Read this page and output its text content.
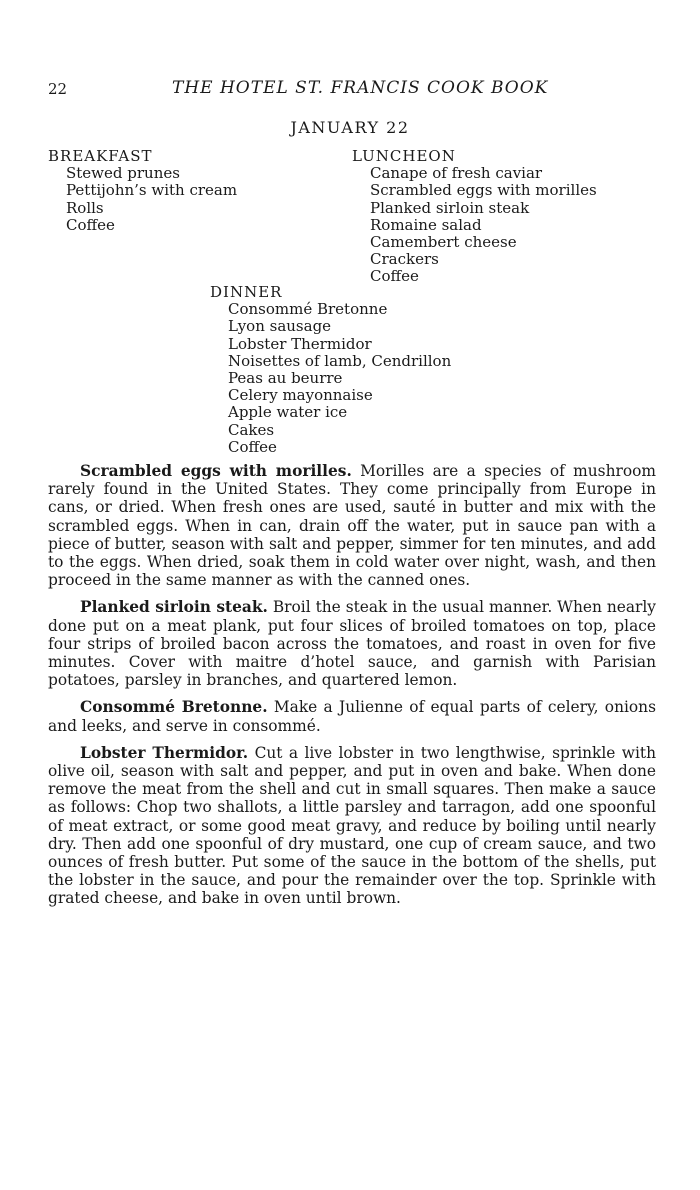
22	THE HOTEL ST. FRANCIS COOK BOOK
JANUARY 22
BREAKFAST
Stewed prunes
Pettijohn’s with cream
Rolls
Coffee
LUNCHEON
Canape of fresh caviar
Scrambled eggs with morilles
Planked sirloin steak
Romaine salad
Camembert cheese
Crackers
Coffee
DINNER
Consommé Bretonne
Lyon sausage
Lobster Thermidor
Noisettes of lamb, Cendrillon
Peas au beurre
Celery mayonnaise
Apple water ice
Cakes
Coffee

Scrambled eggs with morilles. Morilles are a species of mushroom rarely found in the United States. They come principally from Europe in cans, or dried. When fresh ones are used, sauté in butter and mix with the scrambled eggs. When in can, drain off the water, put in sauce pan with a piece of butter, season with salt and pepper, simmer for ten minutes, and add to the eggs. When dried, soak them in cold water over night, wash, and then proceed in the same manner as with the canned ones.

Planked sirloin steak. Broil the steak in the usual manner. When nearly done put on a meat plank, put four slices of broiled tomatoes on top, place four strips of broiled bacon across the tomatoes, and roast in oven for five minutes. Cover with maitre d’hotel sauce, and garnish with Parisian potatoes, parsley in branches, and quartered lemon.

Consommé Bretonne. Make a Julienne of equal parts of celery, onions and leeks, and serve in consommé.

Lobster Thermidor. Cut a live lobster in two lengthwise, sprinkle with olive oil, season with salt and pepper, and put in oven and bake. When done remove the meat from the shell and cut in small squares. Then make a sauce as follows: Chop two shallots, a little parsley and tarragon, add one spoonful of meat extract, or some good meat gravy, and reduce by boiling until nearly dry. Then add one spoonful of dry mustard, one cup of cream sauce, and two ounces of fresh butter. Put some of the sauce in the bottom of the shells, put the lobster in the sauce, and pour the remainder over the top. Sprinkle with grated cheese, and bake in oven until brown.
